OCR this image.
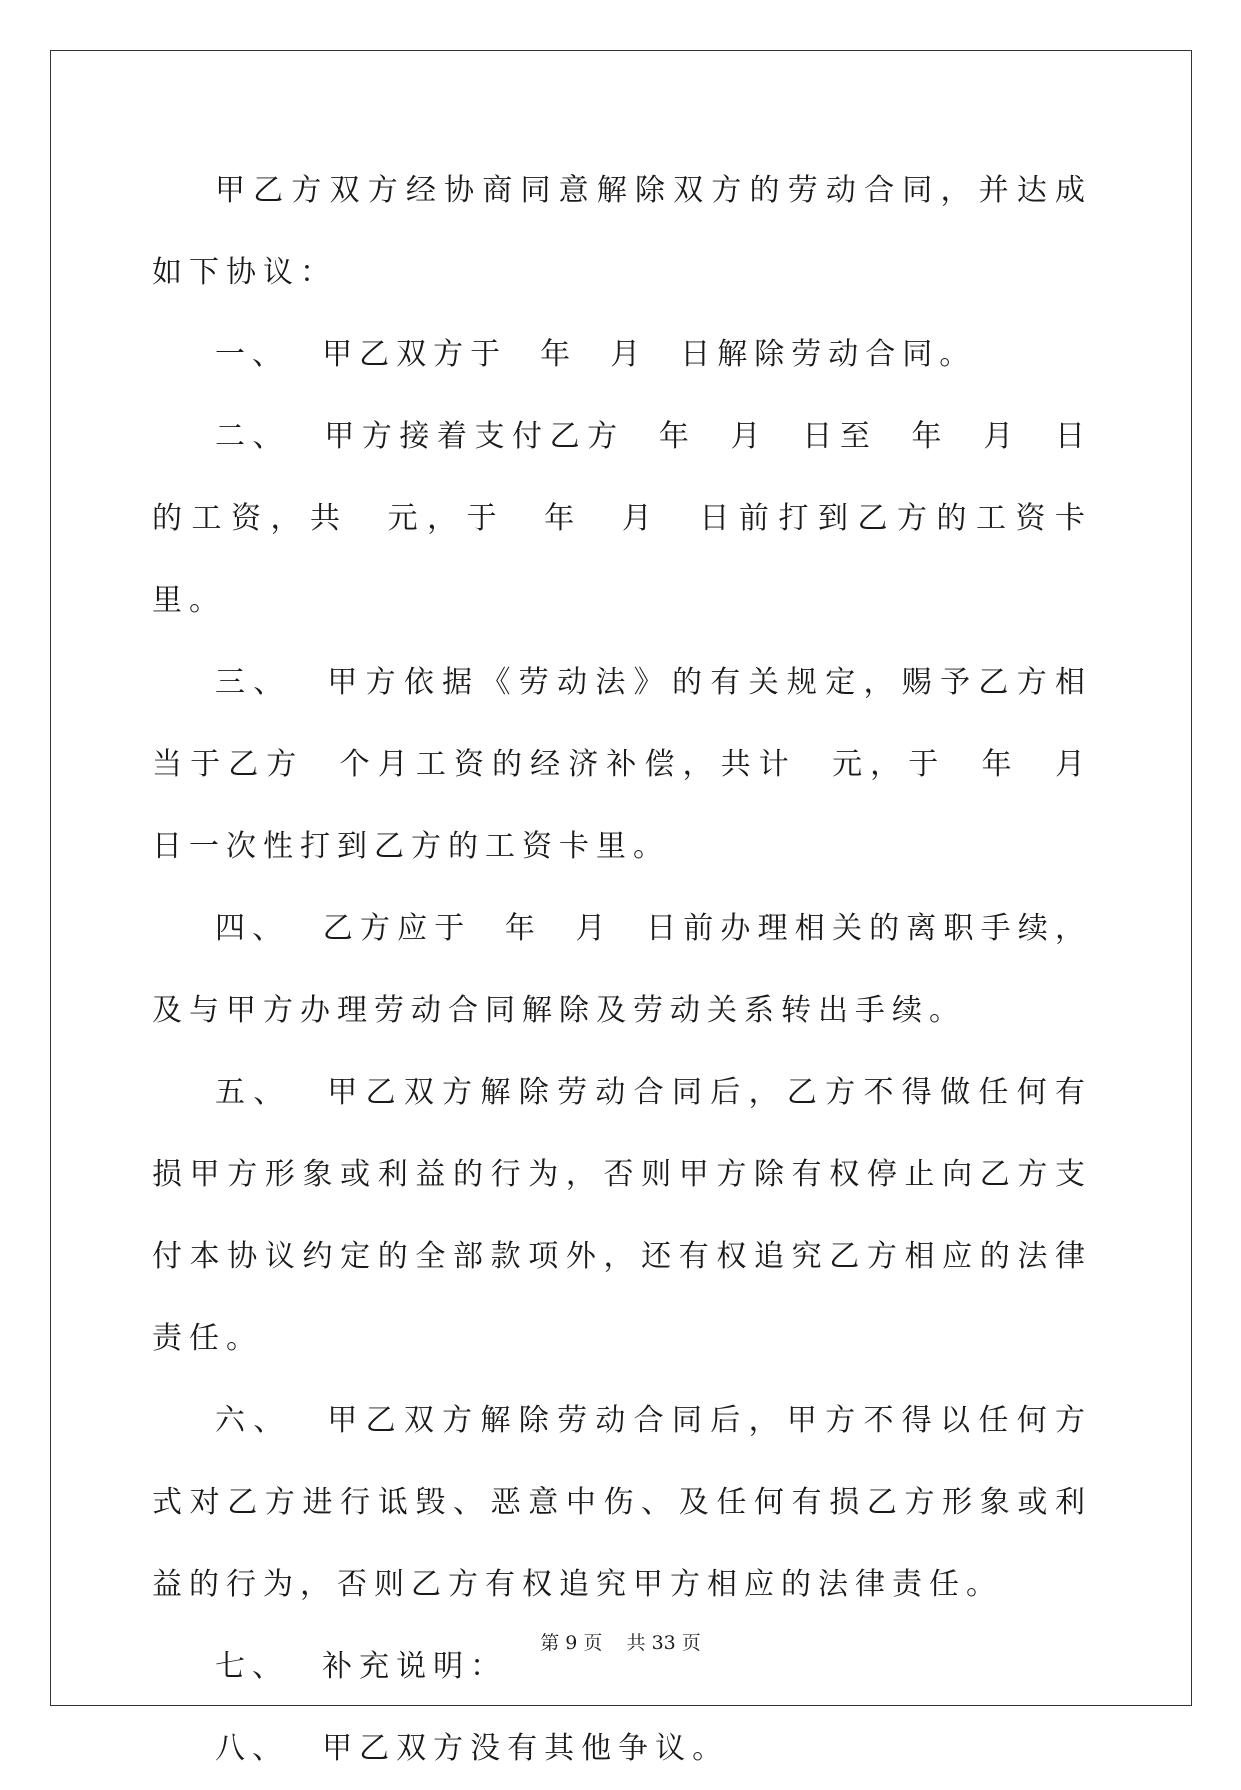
甲乙方双方经协商同意解除双方的劳动合同，并达成如下协议：

一、  甲乙双方于  年  月  日解除劳动合同。

二、  甲方接着支付乙方  年  月  日至  年  月  日的工资，共  元，于  年  月  日前打到乙方的工资卡里。

三、  甲方依据《劳动法》的有关规定，赐予乙方相当于乙方  个月工资的经济补偿，共计  元，于  年  月  日一次性打到乙方的工资卡里。

四、  乙方应于  年  月  日前办理相关的离职手续，及与甲方办理劳动合同解除及劳动关系转出手续。

五、  甲乙双方解除劳动合同后，乙方不得做任何有损甲方形象或利益的行为，否则甲方除有权停止向乙方支付本协议约定的全部款项外，还有权追究乙方相应的法律责任。

六、  甲乙双方解除劳动合同后，甲方不得以任何方式对乙方进行诋毁、恶意中伤、及任何有损乙方形象或利益的行为，否则乙方有权追究甲方相应的法律责任。

七、  补充说明：

八、  甲乙双方没有其他争议。

第 9 页    共 33 页
